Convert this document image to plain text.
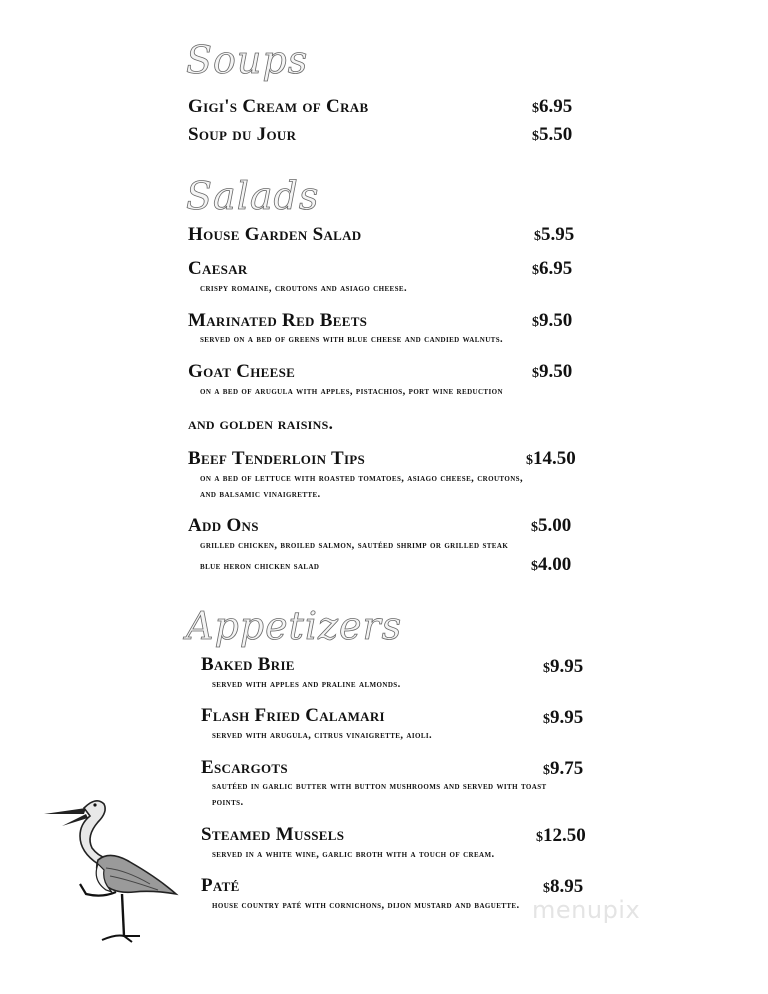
Soups
Gigi's Cream of Crab	$6.95
Soup du Jour	$5.50
Salads
House Garden Salad	$5.95
Caesar	$6.95
crispy romaine, croutons and asiago cheese.
Marinated Red Beets	$9.50
served on a bed of greens with blue cheese and candied walnuts.
Goat Cheese	$9.50
on a bed of arugula with apples, pistachios, port wine reduction
and golden raisins.
Beef Tenderloin Tips	$14.50
on a bed of lettuce with roasted tomatoes, asiago cheese, croutons,
and balsamic vinaigrette.
Add Ons	$5.00
grilled chicken, broiled salmon, sautéed shrimp or grilled steak
blue heron chicken salad	$4.00
Appetizers
Baked Brie	$9.95
served with apples and praline almonds.
Flash Fried Calamari	$9.95
served with arugula, citrus vinaigrette, aioli.
Escargots	$9.75
sautéed in garlic butter with button mushrooms and served with toast
points.
Steamed Mussels	$12.50
served in a white wine, garlic broth with a touch of cream.
Paté	$8.95
house country paté with cornichons, dijon mustard and baguette. menupix
